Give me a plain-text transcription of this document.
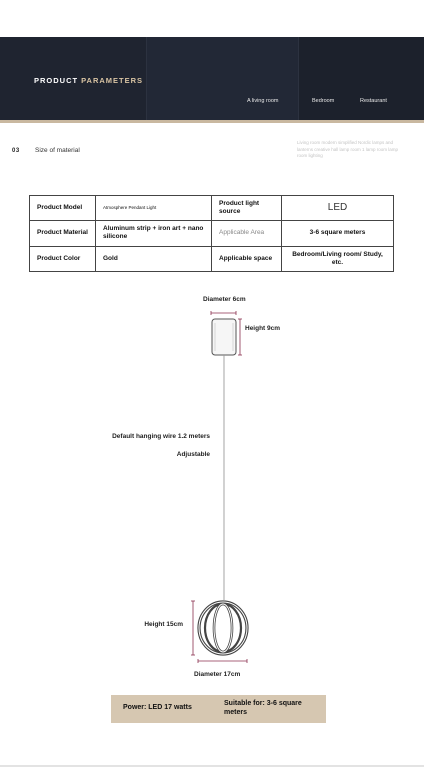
PRODUCT PARAMETERS
A living room	Bedroom	Restaurant
03 Size of material
Living room modern simplified Nordic lamps and lanterns creative hall lamp room 1 lamp room lamp room lighting
Product Model	Atmosphere Pendant Light	Product light source	LED
Product Material	Aluminum strip + iron art + nano silicone	Applicable Area	3-6 square meters
Product Color	Gold	Applicable space	Bedroom/Living room/ Study, etc.
Diameter 6cm
Height 9cm
Default hanging wire 1.2 meters
Adjustable
Height 15cm
Diameter 17cm
Power: LED 17 watts
Suitable for: 3-6 square meters
